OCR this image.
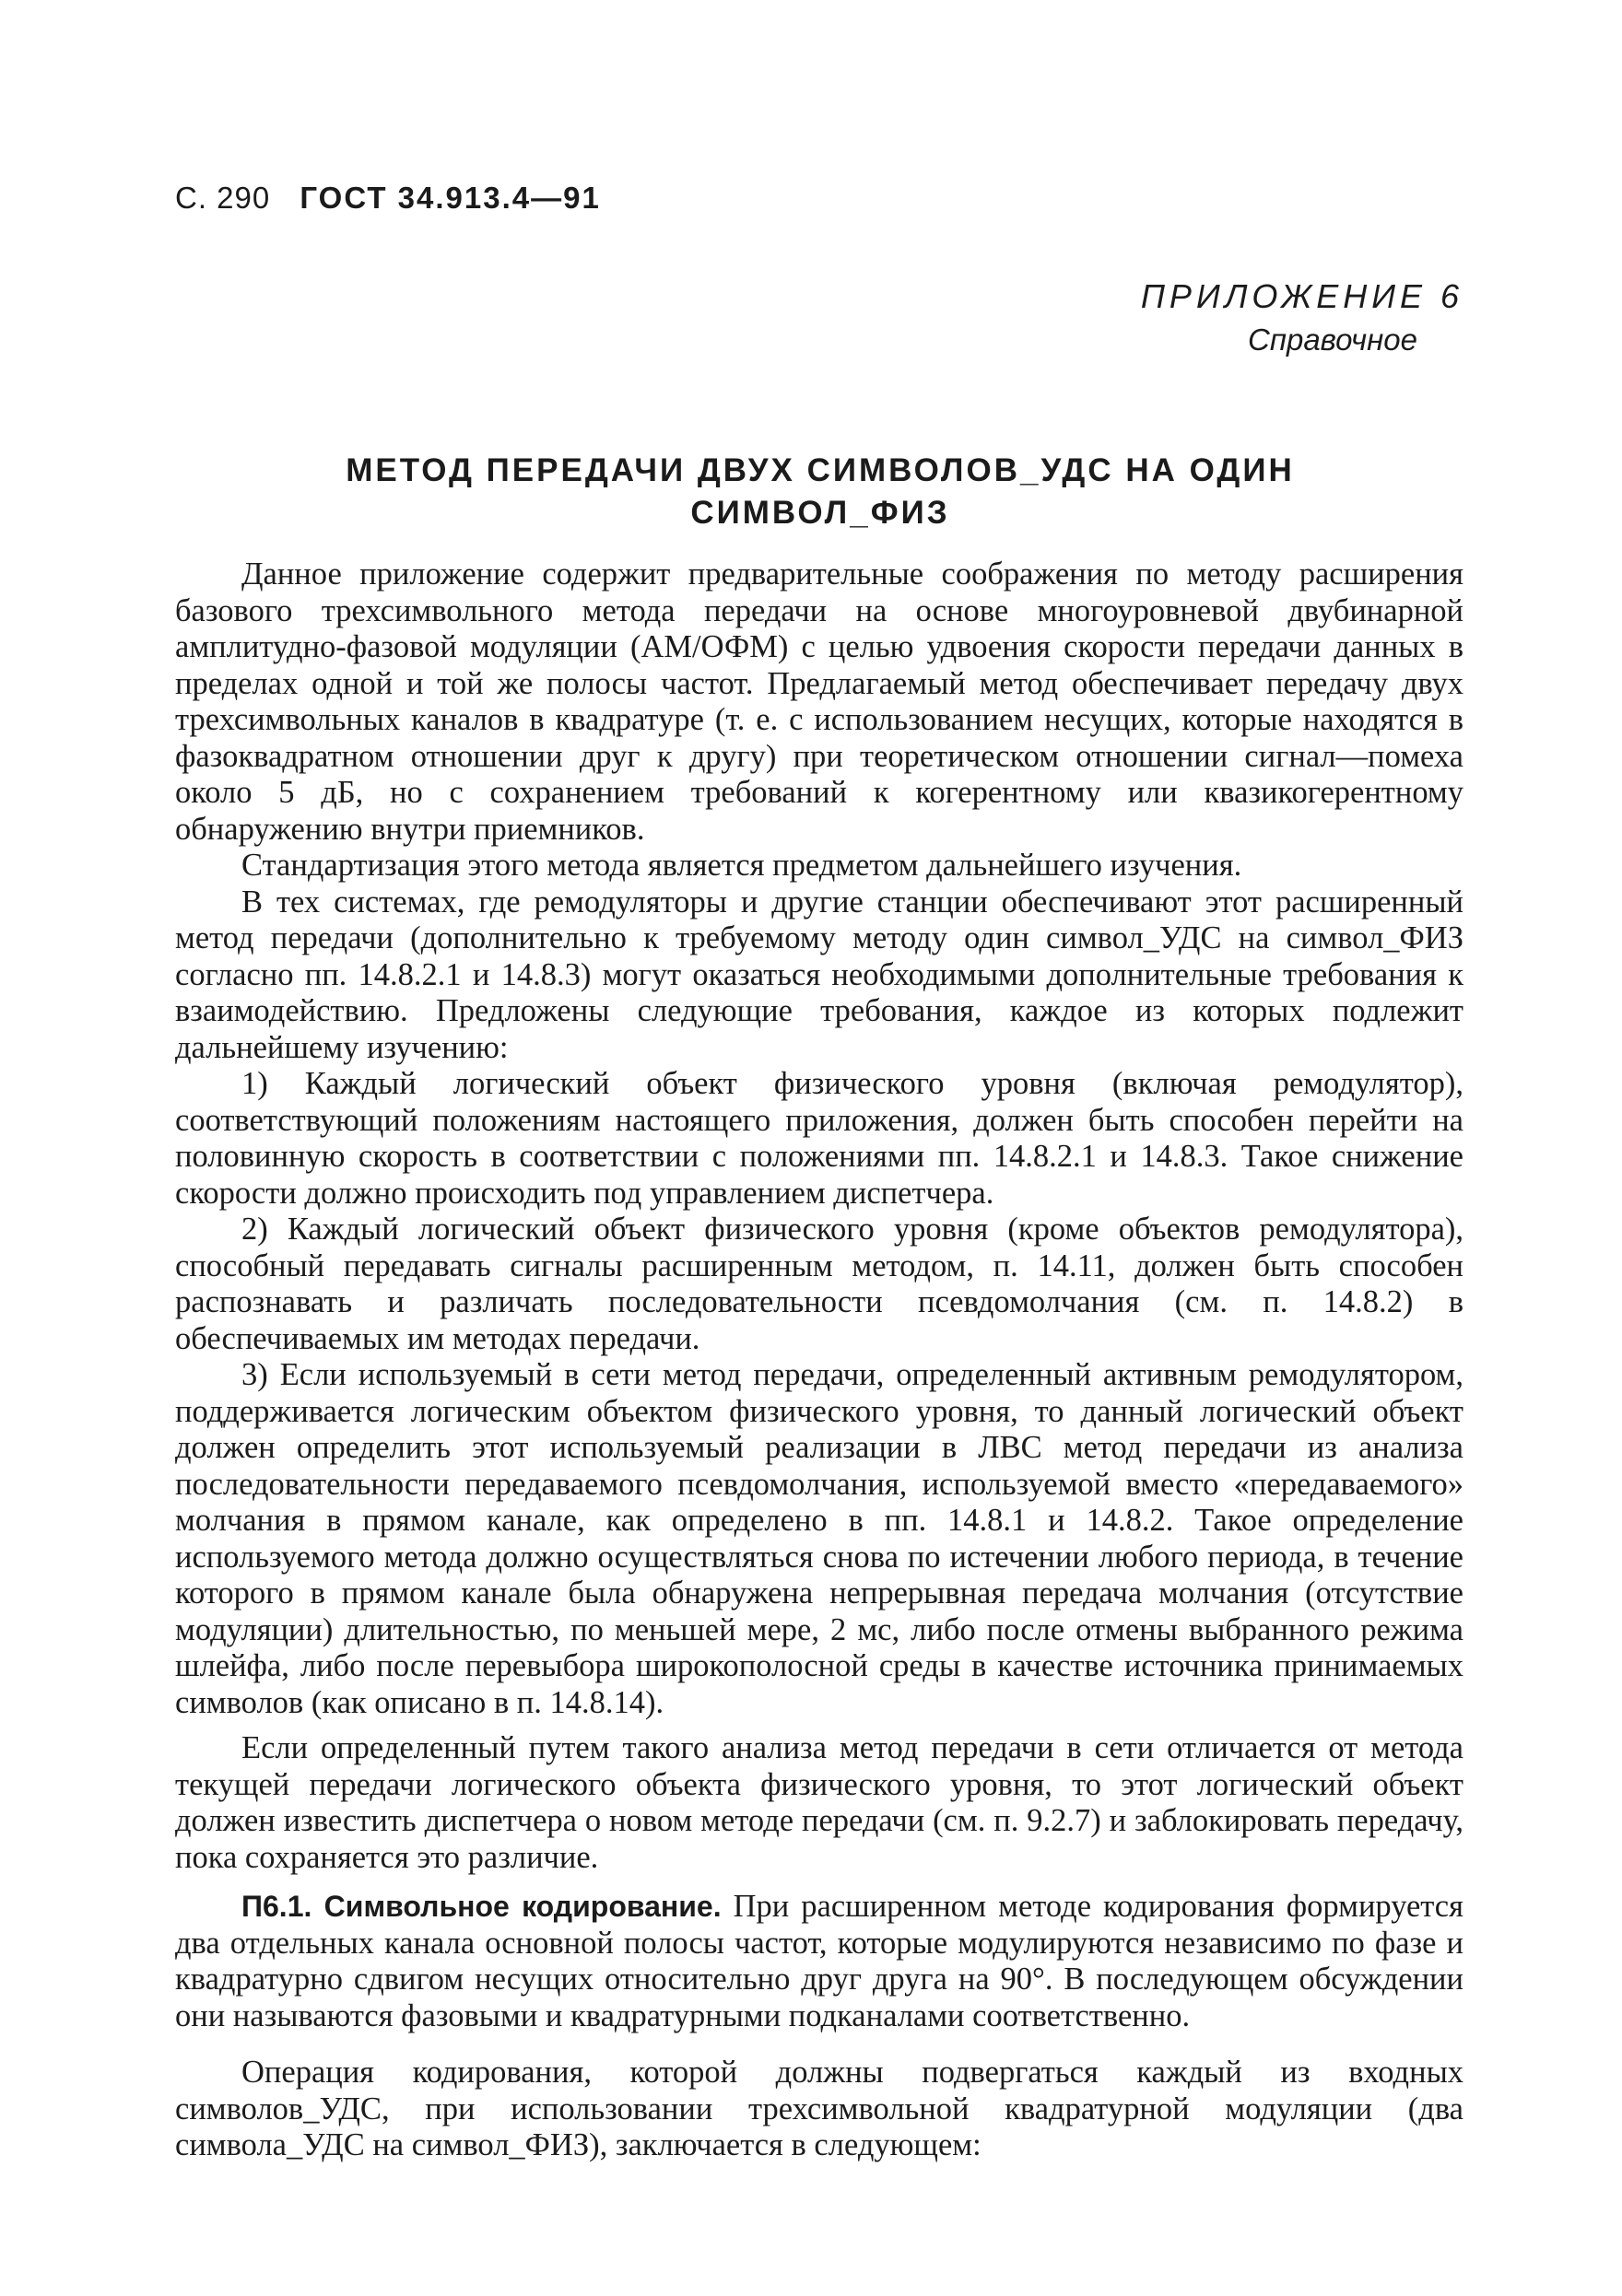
С. 290 ГОСТ 34.913.4—91
ПРИЛОЖЕНИЕ 6
Справочное
МЕТОД ПЕРЕДАЧИ ДВУХ СИМВОЛОВ_УДС НА ОДИН
СИМВОЛ_ФИЗ

Данное приложение содержит предварительные соображения по методу расширения базового трехсимвольного метода передачи на основе многоуровневой двубинарной амплитудно-фазовой модуляции (АМ/ОФМ) с целью удвоения скорости передачи данных в пределах одной и той же полосы частот. Предлагаемый метод обеспечивает передачу двух трехсимвольных каналов в квадратуре (т. е. с использованием несущих, которые находятся в фазоквадратном отношении друг к другу) при теоретическом отношении сигнал—помеха около 5 дБ, но с сохранением требований к когерентному или квазикогерентному обнаружению внутри приемников.

Стандартизация этого метода является предметом дальнейшего изучения.

В тех системах, где ремодуляторы и другие станции обеспечивают этот расширенный метод передачи (дополнительно к требуемому методу один символ_УДС на символ_ФИЗ согласно пп. 14.8.2.1 и 14.8.3) могут оказаться необходимыми дополнительные требования к взаимодействию. Предложены следующие требования, каждое из которых подлежит дальнейшему изучению:

1) Каждый логический объект физического уровня (включая ремодулятор), соответствующий положениям настоящего приложения, должен быть способен перейти на половинную скорость в соответствии с положениями пп. 14.8.2.1 и 14.8.3. Такое снижение скорости должно происходить под управлением диспетчера.

2) Каждый логический объект физического уровня (кроме объектов ремодулятора), способный передавать сигналы расширенным методом, п. 14.11, должен быть способен распознавать и различать последовательности псевдомолчания (см. п. 14.8.2) в обеспечиваемых им методах передачи.

3) Если используемый в сети метод передачи, определенный активным ремодулятором, поддерживается логическим объектом физического уровня, то данный логический объект должен определить этот используемый реализации в ЛВС метод передачи из анализа последовательности передаваемого псевдомолчания, используемой вместо «передаваемого» молчания в прямом канале, как определено в пп. 14.8.1 и 14.8.2. Такое определение используемого метода должно осуществляться снова по истечении любого периода, в течение которого в прямом канале была обнаружена непрерывная передача молчания (отсутствие модуляции) длительностью, по меньшей мере, 2 мс, либо после отмены выбранного режима шлейфа, либо после перевыбора широкополосной среды в качестве источника принимаемых символов (как описано в п. 14.8.14).

Если определенный путем такого анализа метод передачи в сети отличается от метода текущей передачи логического объекта физического уровня, то этот логический объект должен известить диспетчера о новом методе передачи (см. п. 9.2.7) и заблокировать передачу, пока сохраняется это различие.

П6.1. Символьное кодирование. При расширенном методе кодирования формируется два отдельных канала основной полосы частот, которые модулируются независимо по фазе и квадратурно сдвигом несущих относительно друг друга на 90°. В последующем обсуждении они называются фазовыми и квадратурными подканалами соответственно.

Операция кодирования, которой должны подвергаться каждый из входных символов_УДС, при использовании трехсимвольной квадратурной модуляции (два символа_УДС на символ_ФИЗ), заключается в следующем:
